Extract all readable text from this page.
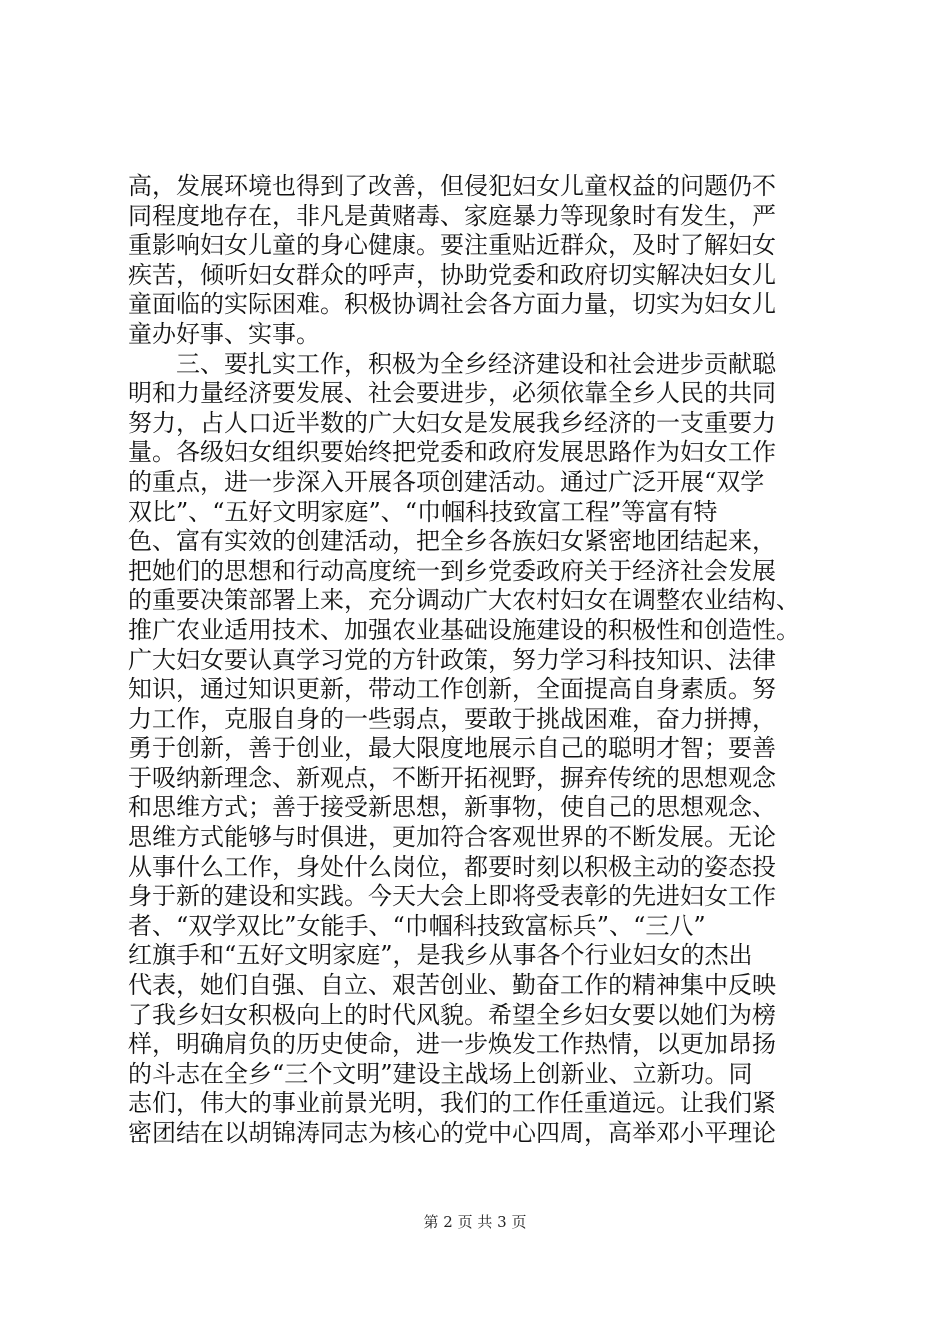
高，发展环境也得到了改善，但侵犯妇女儿童权益的问题仍不
同程度地存在，非凡是黄赌毒、家庭暴力等现象时有发生，严
重影响妇女儿童的身心健康。要注重贴近群众，及时了解妇女
疾苦，倾听妇女群众的呼声，协助党委和政府切实解决妇女儿
童面临的实际困难。积极协调社会各方面力量，切实为妇女儿
童办好事、实事。
　　三、要扎实工作，积极为全乡经济建设和社会进步贡献聪
明和力量经济要发展、社会要进步，必须依靠全乡人民的共同
努力，占人口近半数的广大妇女是发展我乡经济的一支重要力
量。各级妇女组织要始终把党委和政府发展思路作为妇女工作
的重点，进一步深入开展各项创建活动。通过广泛开展“双学
双比”、“五好文明家庭”、“巾帼科技致富工程”等富有特
色、富有实效的创建活动，把全乡各族妇女紧密地团结起来，
把她们的思想和行动高度统一到乡党委政府关于经济社会发展
的重要决策部署上来，充分调动广大农村妇女在调整农业结构、
推广农业适用技术、加强农业基础设施建设的积极性和创造性。
广大妇女要认真学习党的方针政策，努力学习科技知识、法律
知识，通过知识更新，带动工作创新，全面提高自身素质。努
力工作，克服自身的一些弱点，要敢于挑战困难，奋力拼搏，
勇于创新，善于创业，最大限度地展示自己的聪明才智；要善
于吸纳新理念、新观点，不断开拓视野，摒弃传统的思想观念
和思维方式；善于接受新思想，新事物，使自己的思想观念、
思维方式能够与时俱进，更加符合客观世界的不断发展。无论
从事什么工作，身处什么岗位，都要时刻以积极主动的姿态投
身于新的建设和实践。今天大会上即将受表彰的先进妇女工作
者、“双学双比”女能手、“巾帼科技致富标兵”、“三八”
红旗手和“五好文明家庭”，是我乡从事各个行业妇女的杰出
代表，她们自强、自立、艰苦创业、勤奋工作的精神集中反映
了我乡妇女积极向上的时代风貌。希望全乡妇女要以她们为榜
样，明确肩负的历史使命，进一步焕发工作热情，以更加昂扬
的斗志在全乡“三个文明”建设主战场上创新业、立新功。同
志们，伟大的事业前景光明，我们的工作任重道远。让我们紧
密团结在以胡锦涛同志为核心的党中心四周，高举邓小平理论
第 2 页 共 3 页
